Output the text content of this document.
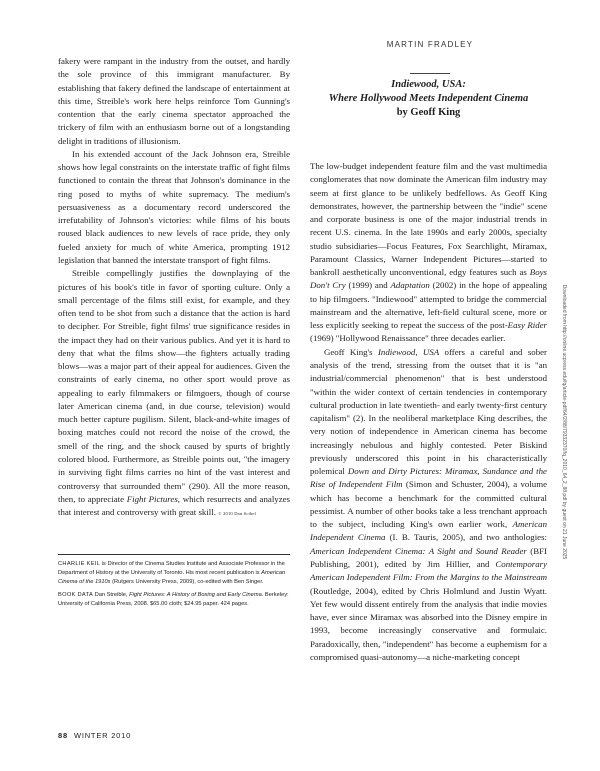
fakery were rampant in the industry from the outset, and hardly the sole province of this immigrant manufacturer. By establishing that fakery defined the landscape of entertainment at this time, Streible's work here helps reinforce Tom Gunning's contention that the early cinema spectator approached the trickery of film with an enthusiasm borne out of a longstanding delight in traditions of illusionism.

In his extended account of the Jack Johnson era, Streible shows how legal constraints on the interstate traffic of fight films functioned to contain the threat that Johnson's dominance in the ring posed to myths of white supremacy. The medium's persuasiveness as a documentary record underscored the irrefutability of Johnson's victories: while films of his bouts roused black audiences to new levels of race pride, they only fueled anxiety for much of white America, prompting 1912 legislation that banned the interstate transport of fight films.

Streible compellingly justifies the downplaying of the pictures of his book's title in favor of sporting culture. Only a small percentage of the films still exist, for example, and they often tend to be shot from such a distance that the action is hard to decipher. For Streible, fight films' true significance resides in the impact they had on their various publics. And yet it is hard to deny that what the films show—the fighters actually trading blows—was a major part of their appeal for audiences. Given the constraints of early cinema, no other sport would prove as appealing to early filmmakers or filmgoers, though of course later American cinema (and, in due course, television) would much better capture pugilism. Silent, black-and-white images of boxing matches could not record the noise of the crowd, the smell of the ring, and the shock caused by spurts of brightly colored blood. Furthermore, as Streible points out, "the imagery in surviving fight films carries no hint of the vast interest and controversy that surrounded them" (290). All the more reason, then, to appreciate Fight Pictures, which resurrects and analyzes that interest and controversy with great skill. © 2010 Dan Scibel

CHARLIE KEIL is Director of the Cinema Studies Institute and Associate Professor in the Department of History at the University of Toronto. His most recent publication is American Cinema of the 1910s (Rutgers University Press, 2009), co-edited with Ben Singer.

BOOK DATA Dan Streible, Fight Pictures: A History of Boxing and Early Cinema. Berkeley: University of California Press, 2008. $65.00 cloth; $24.95 paper. 424 pages.

MARTIN FRADLEY
Indiewood, USA:
Where Hollywood Meets Independent Cinema
by Geoff King

The low-budget independent feature film and the vast multimedia conglomerates that now dominate the American film industry may seem at first glance to be unlikely bedfellows. As Geoff King demonstrates, however, the partnership between the "indie" scene and corporate business is one of the major industrial trends in recent U.S. cinema. In the late 1990s and early 2000s, specialty studio subsidiaries—Focus Features, Fox Searchlight, Miramax, Paramount Classics, Warner Independent Pictures—started to bankroll aesthetically unconventional, edgy features such as Boys Don't Cry (1999) and Adaptation (2002) in the hope of appealing to hip filmgoers. "Indiewood" attempted to bridge the commercial mainstream and the alternative, left-field cultural scene, more or less explicitly seeking to repeat the success of the post-Easy Rider (1969) "Hollywood Renaissance" three decades earlier.

Geoff King's Indiewood, USA offers a careful and sober analysis of the trend, stressing from the outset that it is "an industrial/commercial phenomenon" that is best understood "within the wider context of certain tendencies in contemporary cultural production in late twentieth- and early twenty-first century capitalism" (2). In the neoliberal marketplace King describes, the very notion of independence in American cinema has become increasingly nebulous and highly contested. Peter Biskind previously underscored this point in his characteristically polemical Down and Dirty Pictures: Miramax, Sundance and the Rise of Independent Film (Simon and Schuster, 2004), a volume which has become a benchmark for the committed cultural pessimist. A number of other books take a less trenchant approach to the subject, including King's own earlier work, American Independent Cinema (I. B. Tauris, 2005), and two anthologies: American Independent Cinema: A Sight and Sound Reader (BFI Publishing, 2001), edited by Jim Hillier, and Contemporary American Independent Film: From the Margins to the Mainstream (Routledge, 2004), edited by Chris Holmlund and Justin Wyatt. Yet few would dissent entirely from the analysis that indie movies have, ever since Miramax was absorbed into the Disney empire in 1993, become increasingly conservative and formulaic. Paradoxically, then, "independent" has become a euphemism for a compromised quasi-autonomy—a niche-marketing concept

Downloaded from http://online.ucpress.edu/fq/article-pdf/64/2/88/79332370/fq_2010_64_2_88.pdf by guest on 21 June 2025
88 WINTER 2010
